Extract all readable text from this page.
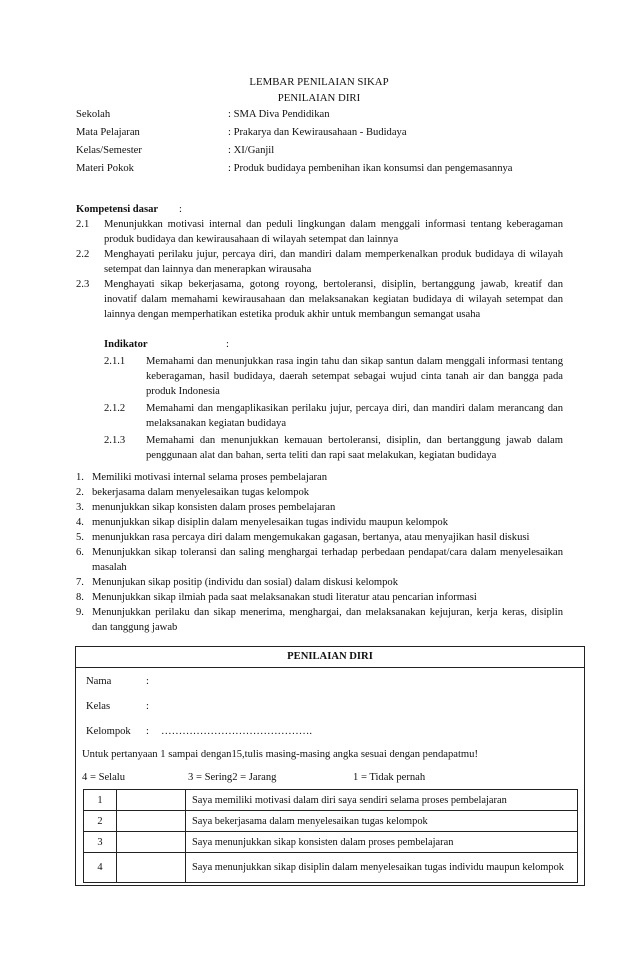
LEMBAR PENILAIAN SIKAP
PENILAIAN DIRI
Sekolah	: SMA Diva Pendidikan
Mata Pelajaran	: Prakarya dan Kewirausahaan - Budidaya
Kelas/Semester	: XI/Ganjil
Materi Pokok	: Produk budidaya pembenihan ikan konsumsi dan pengemasannya
Kompetensi dasar :
2.1 Menunjukkan motivasi internal dan peduli lingkungan dalam menggali informasi tentang keberagaman produk budidaya dan kewirausahaan di wilayah setempat dan lainnya
2.2 Menghayati perilaku jujur, percaya diri, dan mandiri dalam memperkenalkan produk budidaya di wilayah setempat dan lainnya dan menerapkan wirausaha
2.3 Menghayati sikap bekerjasama, gotong royong, bertoleransi, disiplin, bertanggung jawab, kreatif dan inovatif dalam memahami kewirausahaan dan melaksanakan kegiatan budidaya di wilayah setempat dan lainnya dengan memperhatikan estetika produk akhir untuk membangun semangat usaha
Indikator	:
2.1.1 Memahami dan menunjukkan rasa ingin tahu dan sikap santun dalam menggali informasi tentang keberagaman, hasil budidaya, daerah setempat sebagai wujud cinta tanah air dan bangga pada produk Indonesia
2.1.2 Memahami dan mengaplikasikan perilaku jujur, percaya diri, dan mandiri dalam merancang dan melaksanakan kegiatan budidaya
2.1.3 Memahami dan menunjukkan kemauan bertoleransi, disiplin, dan bertanggung jawab dalam penggunaan alat dan bahan, serta teliti dan rapi saat melakukan, kegiatan budidaya
1. Memiliki motivasi internal selama proses pembelajaran
2. bekerjasama dalam menyelesaikan tugas kelompok
3. menunjukkan sikap konsisten dalam proses pembelajaran
4. menunjukkan sikap disiplin dalam menyelesaikan tugas individu maupun kelompok
5. menunjukkan rasa percaya diri dalam mengemukakan gagasan, bertanya, atau menyajikan hasil diskusi
6. Menunjukkan sikap toleransi dan saling menghargai terhadap perbedaan pendapat/cara dalam menyelesaikan masalah
7. Menunjukan sikap positip (individu dan sosial) dalam diskusi kelompok
8. Menunjukkan sikap ilmiah pada saat melaksanakan studi literatur atau pencarian informasi
9. Menunjukkan perilaku dan sikap menerima, menghargai, dan melaksanakan kejujuran, kerja keras, disiplin dan tanggung jawab
PENILAIAN DIRI
Nama	:
Kelas	:
Kelompok : …………………………………….
Untuk pertanyaan 1 sampai dengan15,tulis masing-masing angka sesuai dengan pendapatmu!
4 = Selalu	3 = Sering2 = Jarang	1 = Tidak pernah
1		Saya memiliki motivasi dalam diri saya sendiri selama proses pembelajaran
2		Saya bekerjasama dalam menyelesaikan tugas kelompok
3		Saya menunjukkan sikap konsisten dalam proses pembelajaran
4		Saya menunjukkan sikap disiplin dalam menyelesaikan tugas individu maupun kelompok
